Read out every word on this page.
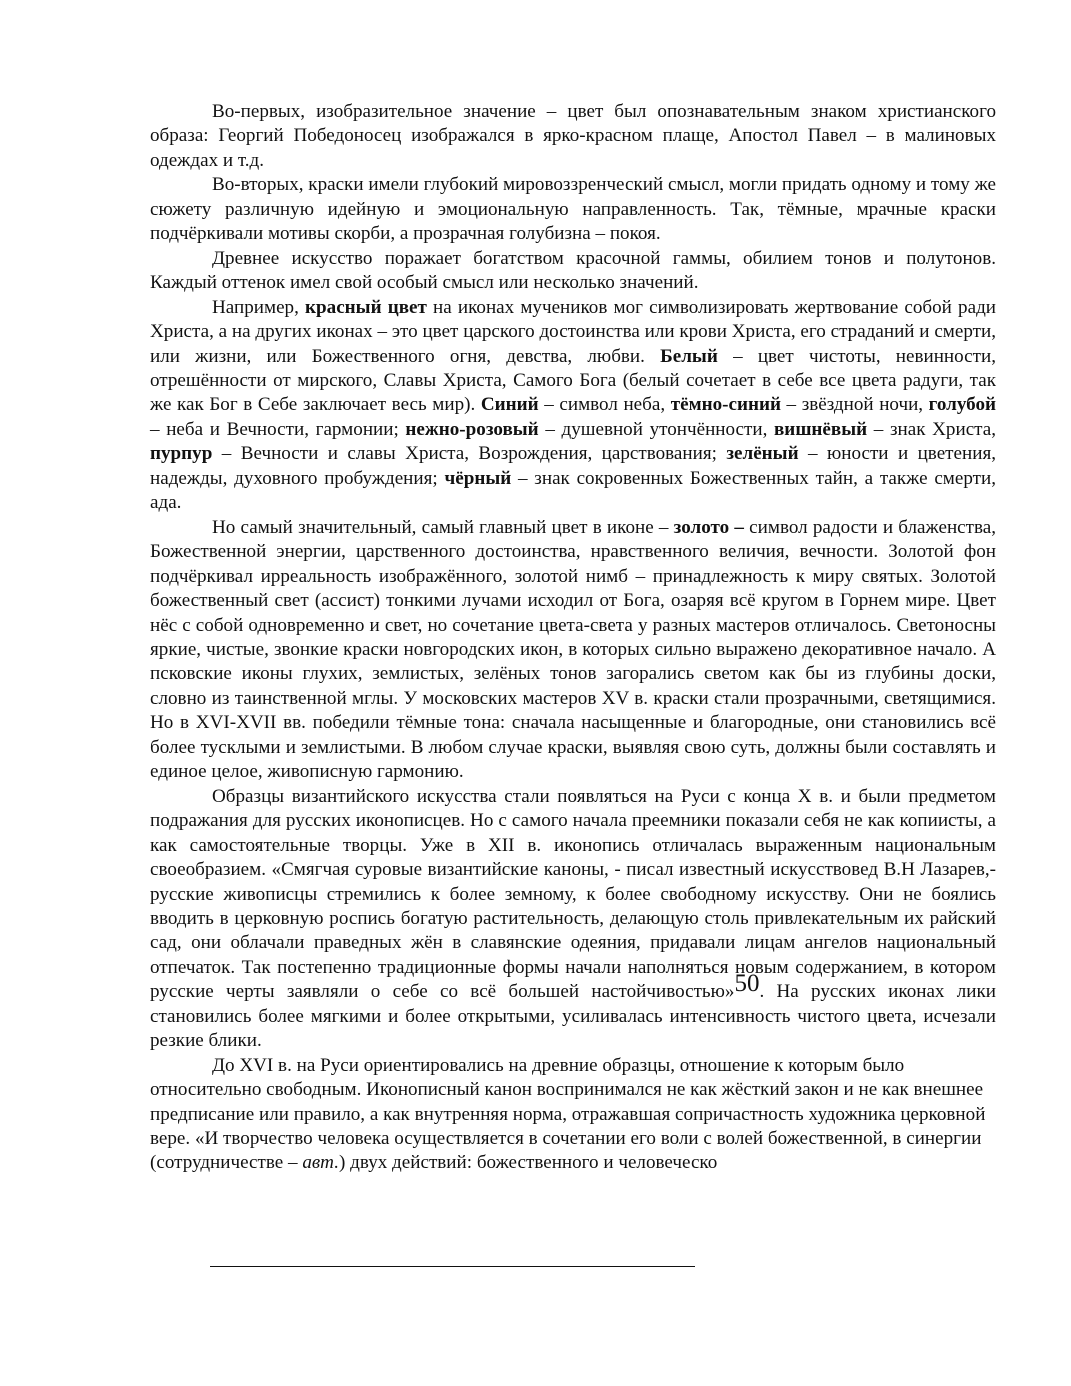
Во-первых, изобразительное значение – цвет был опознавательным знаком христианского образа: Георгий Победоносец изображался в ярко-красном плаще, Апостол Павел – в малиновых одеждах и т.д.

Во-вторых, краски имели глубокий мировоззренческий смысл, могли придать одному и тому же сюжету различную идейную и эмоциональную направленность. Так, тёмные, мрачные краски подчёркивали мотивы скорби, а прозрачная голубизна – покоя.

Древнее искусство поражает богатством красочной гаммы, обилием тонов и полутонов. Каждый оттенок имел свой особый смысл или несколько значений.

Например, красный цвет на иконах мучеников мог символизировать жертвование собой ради Христа, а на других иконах – это цвет царского достоинства или крови Христа, его страданий и смерти, или жизни, или Божественного огня, девства, любви. Белый – цвет чистоты, невинности, отрешённости от мирского, Славы Христа, Самого Бога (белый сочетает в себе все цвета радуги, так же как Бог в Себе заключает весь мир). Синий – символ неба, тёмно-синий – звёздной ночи, голубой – неба и Вечности, гармонии; нежно-розовый – душевной утончённости, вишнёвый – знак Христа, пурпур – Вечности и славы Христа, Возрождения, царствования; зелёный – юности и цветения, надежды, духовного пробуждения; чёрный – знак сокровенных Божественных тайн, а также смерти, ада.

Но самый значительный, самый главный цвет в иконе – золото – символ радости и блаженства, Божественной энергии, царственного достоинства, нравственного величия, вечности. Золотой фон подчёркивал ирреальность изображённого, золотой нимб – принадлежность к миру святых. Золотой божественный свет (ассист) тонкими лучами исходил от Бога, озаряя всё кругом в Горнем мире. Цвет нёс с собой одновременно и свет, но сочетание цвета-света у разных мастеров отличалось. Светоносны яркие, чистые, звонкие краски новгородских икон, в которых сильно выражено декоративное начало. А псковские иконы глухих, землистых, зелёных тонов загорались светом как бы из глубины доски, словно из таинственной мглы. У московских мастеров XV в. краски стали прозрачными, светящимися. Но в XVI-XVII вв. победили тёмные тона: сначала насыщенные и благородные, они становились всё более тусклыми и землистыми. В любом случае краски, выявляя свою суть, должны были составлять и единое целое, живописную гармонию.

Образцы византийского искусства стали появляться на Руси с конца X в. и были предметом подражания для русских иконописцев. Но с самого начала преемники показали себя не как копиисты, а как самостоятельные творцы. Уже в XII в. иконопись отличалась выраженным национальным своеобразием. «Смягчая суровые византийские каноны, - писал известный искусствовед В.Н Лазарев,- русские живописцы стремились к более земному, к более свободному искусству. Они не боялись вводить в церковную роспись богатую растительность, делающую столь привлекательным их райский сад, они облачали праведных жён в славянские одеяния, придавали лицам ангелов национальный отпечаток. Так постепенно традиционные формы начали наполняться новым содержанием, в котором русские черты заявляли о себе со всё большей настойчивостью»50. На русских иконах лики становились более мягкими и более открытыми, усиливалась интенсивность чистого цвета, исчезали резкие блики.

До XVI в. на Руси ориентировались на древние образцы, отношение к которым было относительно свободным. Иконописный канон воспринимался не как жёсткий закон и не как внешнее предписание или правило, а как внутренняя норма, отражавшая сопричастность художника церковной вере. «И творчество человека осуществляется в сочетании его воли с волей божественной, в синергии (сотрудничестве – авт.) двух действий: божественного и человеческо
